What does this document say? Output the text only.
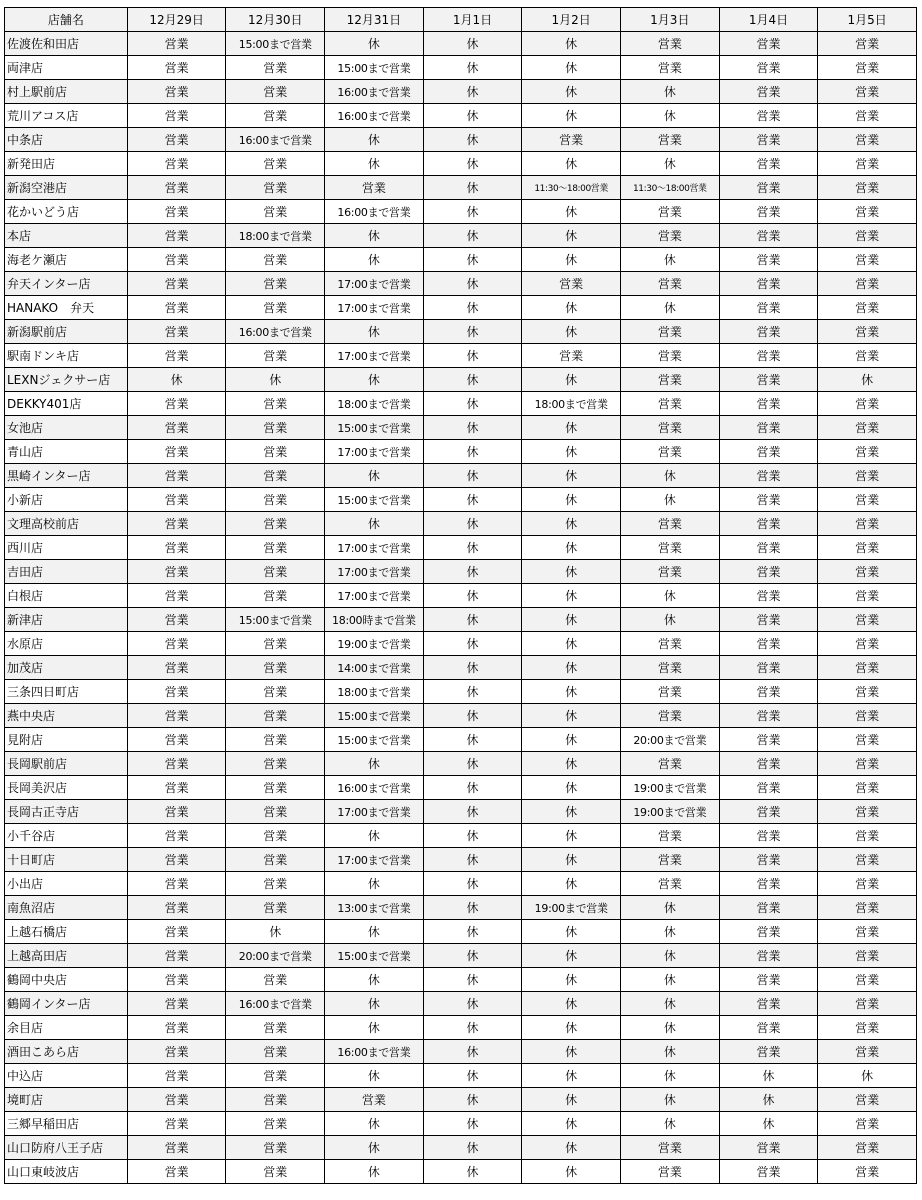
店舗名	12月29日	12月30日	12月31日	1月1日	1月2日	1月3日	1月4日	1月5日
佐渡佐和田店	営業	15:00まで営業	休	休	休	営業	営業	営業
両津店	営業	営業	15:00まで営業	休	休	営業	営業	営業
村上駅前店	営業	営業	16:00まで営業	休	休	休	営業	営業
荒川アコス店	営業	営業	16:00まで営業	休	休	休	営業	営業
中条店	営業	16:00まで営業	休	休	営業	営業	営業	営業
新発田店	営業	営業	休	休	休	休	営業	営業
新潟空港店	営業	営業	営業	休	11:30～18:00営業	11:30～18:00営業	営業	営業
花かいどう店	営業	営業	16:00まで営業	休	休	営業	営業	営業
本店	営業	18:00まで営業	休	休	休	営業	営業	営業
海老ケ瀬店	営業	営業	休	休	休	休	営業	営業
弁天インター店	営業	営業	17:00まで営業	休	営業	営業	営業	営業
HANAKO　弁天	営業	営業	17:00まで営業	休	休	休	営業	営業
新潟駅前店	営業	16:00まで営業	休	休	休	営業	営業	営業
駅南ドンキ店	営業	営業	17:00まで営業	休	営業	営業	営業	営業
LEXNジェクサー店	休	休	休	休	休	営業	営業	休
DEKKY401店	営業	営業	18:00まで営業	休	18:00まで営業	営業	営業	営業
女池店	営業	営業	15:00まで営業	休	休	営業	営業	営業
青山店	営業	営業	17:00まで営業	休	休	営業	営業	営業
黒崎インター店	営業	営業	休	休	休	休	営業	営業
小新店	営業	営業	15:00まで営業	休	休	休	営業	営業
文理高校前店	営業	営業	休	休	休	営業	営業	営業
西川店	営業	営業	17:00まで営業	休	休	営業	営業	営業
吉田店	営業	営業	17:00まで営業	休	休	営業	営業	営業
白根店	営業	営業	17:00まで営業	休	休	休	営業	営業
新津店	営業	15:00まで営業	18:00時まで営業	休	休	休	営業	営業
水原店	営業	営業	19:00まで営業	休	休	営業	営業	営業
加茂店	営業	営業	14:00まで営業	休	休	営業	営業	営業
三条四日町店	営業	営業	18:00まで営業	休	休	営業	営業	営業
燕中央店	営業	営業	15:00まで営業	休	休	営業	営業	営業
見附店	営業	営業	15:00まで営業	休	休	20:00まで営業	営業	営業
長岡駅前店	営業	営業	休	休	休	営業	営業	営業
長岡美沢店	営業	営業	16:00まで営業	休	休	19:00まで営業	営業	営業
長岡古正寺店	営業	営業	17:00まで営業	休	休	19:00まで営業	営業	営業
小千谷店	営業	営業	休	休	休	営業	営業	営業
十日町店	営業	営業	17:00まで営業	休	休	営業	営業	営業
小出店	営業	営業	休	休	休	営業	営業	営業
南魚沼店	営業	営業	13:00まで営業	休	19:00まで営業	休	営業	営業
上越石橋店	営業	休	休	休	休	休	営業	営業
上越高田店	営業	20:00まで営業	15:00まで営業	休	休	休	営業	営業
鶴岡中央店	営業	営業	休	休	休	休	営業	営業
鶴岡インター店	営業	16:00まで営業	休	休	休	休	営業	営業
余目店	営業	営業	休	休	休	休	営業	営業
酒田こあら店	営業	営業	16:00まで営業	休	休	休	営業	営業
中込店	営業	営業	休	休	休	休	休	休
境町店	営業	営業	営業	休	休	休	休	営業
三郷早稲田店	営業	営業	休	休	休	休	休	営業
山口防府八王子店	営業	営業	休	休	休	営業	営業	営業
山口東岐波店	営業	営業	休	休	休	営業	営業	営業
